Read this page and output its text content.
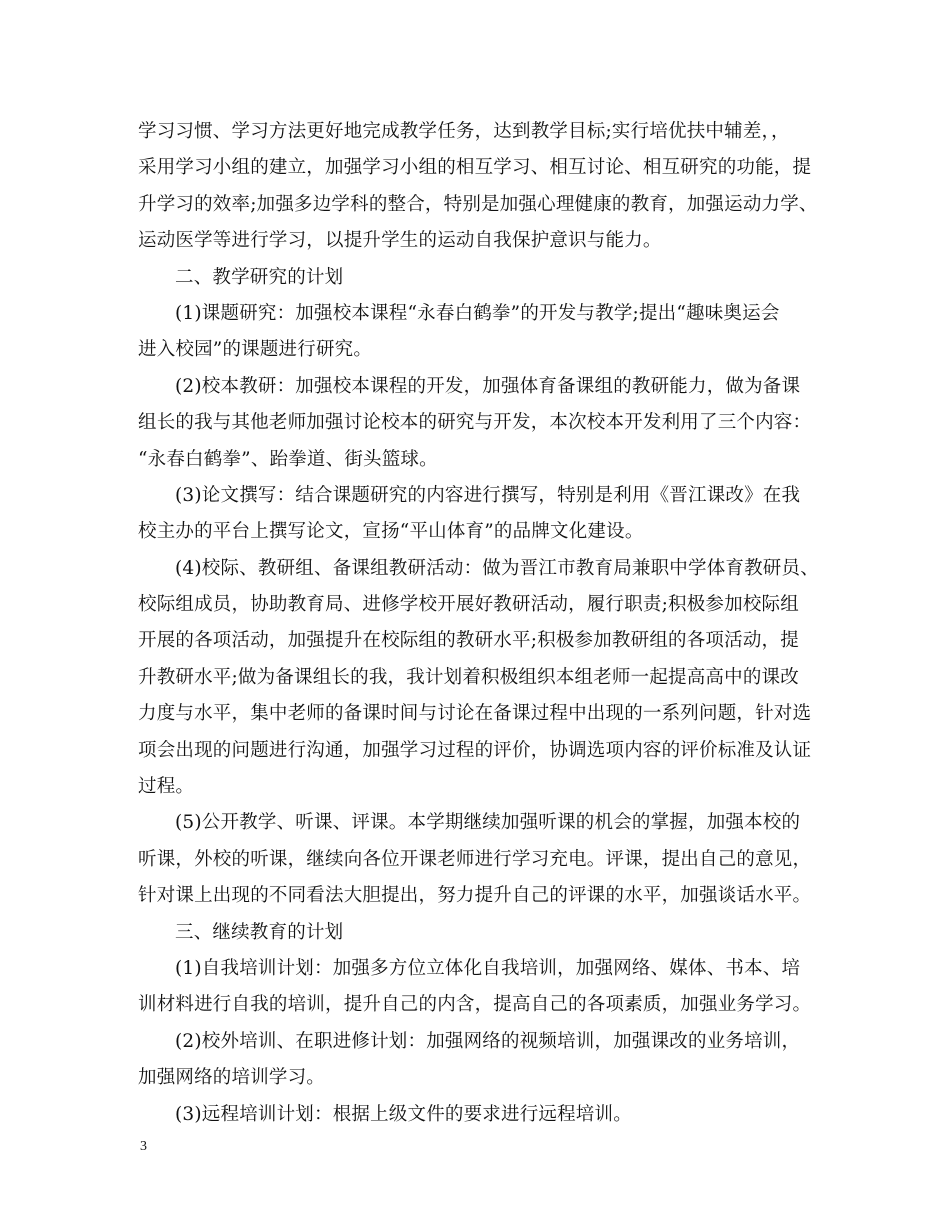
学习习惯、学习方法更好地完成教学任务，达到教学目标;实行培优扶中辅差，，
采用学习小组的建立，加强学习小组的相互学习、相互讨论、相互研究的功能，提
升学习的效率;加强多边学科的整合，特别是加强心理健康的教育，加强运动力学、
运动医学等进行学习，以提升学生的运动自我保护意识与能力。
二、教学研究的计划
(1)课题研究：加强校本课程“永春白鹤拳”的开发与教学;提出“趣味奥运会
进入校园”的课题进行研究。
(2)校本教研：加强校本课程的开发，加强体育备课组的教研能力，做为备课
组长的我与其他老师加强讨论校本的研究与开发，本次校本开发利用了三个内容：
“永春白鹤拳”、跆拳道、街头篮球。
(3)论文撰写：结合课题研究的内容进行撰写，特别是利用《晋江课改》在我
校主办的平台上撰写论文，宣扬“平山体育”的品牌文化建设。
(4)校际、教研组、备课组教研活动：做为晋江市教育局兼职中学体育教研员、
校际组成员，协助教育局、进修学校开展好教研活动，履行职责;积极参加校际组
开展的各项活动，加强提升在校际组的教研水平;积极参加教研组的各项活动，提
升教研水平;做为备课组长的我，我计划着积极组织本组老师一起提高高中的课改
力度与水平，集中老师的备课时间与讨论在备课过程中出现的一系列问题，针对选
项会出现的问题进行沟通，加强学习过程的评价，协调选项内容的评价标准及认证
过程。
(5)公开教学、听课、评课。本学期继续加强听课的机会的掌握，加强本校的
听课，外校的听课，继续向各位开课老师进行学习充电。评课，提出自己的意见，
针对课上出现的不同看法大胆提出，努力提升自己的评课的水平，加强谈话水平。
三、继续教育的计划
(1)自我培训计划：加强多方位立体化自我培训，加强网络、媒体、书本、培
训材料进行自我的培训，提升自己的内含，提高自己的各项素质，加强业务学习。
(2)校外培训、在职进修计划：加强网络的视频培训，加强课改的业务培训，
加强网络的培训学习。
(3)远程培训计划：根据上级文件的要求进行远程培训。
3
